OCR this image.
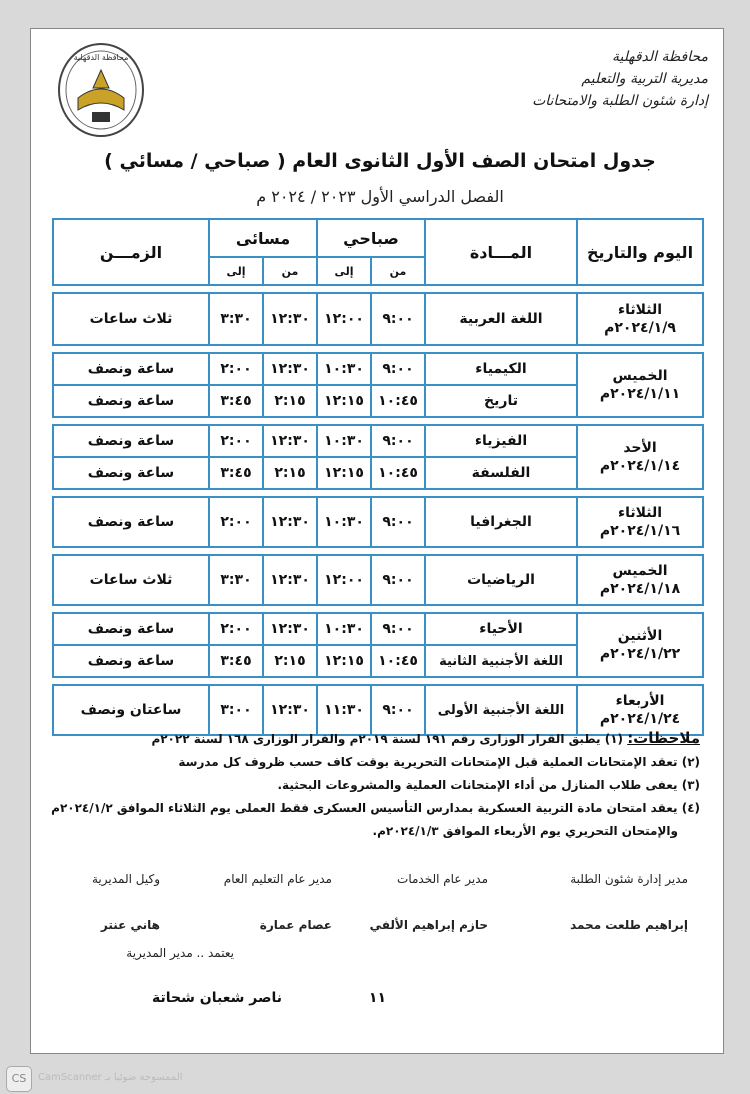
محافظة الدقهلية	محافظة الدقهلية
مديرية التربية والتعليم
إدارة شئون الطلبة والامتحانات
جدول امتحان الصف الأول الثانوى العام ( صباحي / مسائي )
الفصل الدراسي الأول ٢٠٢٣ / ٢٠٢٤ م
اليوم والتاريخ	المـــادة	صباحي		مسائى		الزمـــن
		من	إلى	من	إلى	

الثلاثاء
٢٠٢٤/١/٩م	اللغة العربية	٩:٠٠	١٢:٠٠	١٢:٣٠	٣:٣٠	ثلاث ساعات

الخميس
٢٠٢٤/١/١١م	الكيمياء	٩:٠٠	١٠:٣٠	١٢:٣٠	٢:٠٠	ساعة ونصف
	تاريخ	١٠:٤٥	١٢:١٥	٢:١٥	٣:٤٥	ساعة ونصف

الأحد
٢٠٢٤/١/١٤م	الفيزياء	٩:٠٠	١٠:٣٠	١٢:٣٠	٢:٠٠	ساعة ونصف
	الفلسفة	١٠:٤٥	١٢:١٥	٢:١٥	٣:٤٥	ساعة ونصف

الثلاثاء
٢٠٢٤/١/١٦م	الجغرافيا	٩:٠٠	١٠:٣٠	١٢:٣٠	٢:٠٠	ساعة ونصف

الخميس
٢٠٢٤/١/١٨م	الرياضيات	٩:٠٠	١٢:٠٠	١٢:٣٠	٣:٣٠	ثلاث ساعات

الأثنين
٢٠٢٤/١/٢٢م	الأحياء	٩:٠٠	١٠:٣٠	١٢:٣٠	٢:٠٠	ساعة ونصف
	اللغة الأجنبية الثانية	١٠:٤٥	١٢:١٥	٢:١٥	٣:٤٥	ساعة ونصف

الأربعاء
٢٠٢٤/١/٢٤م	اللغة الأجنبية الأولى	٩:٠٠	١١:٣٠	١٢:٣٠	٣:٠٠	ساعتان ونصف
ملاحظات: (١) يطبق القرار الوزارى رقم ١٩١ لسنة ٢٠١٩م والقرار الوزارى ١٦٨ لسنة ٢٠٢٢م
(٢) تعقد الإمتحانات العملية قبل الإمتحانات التحريرية بوقت كاف حسب ظروف كل مدرسة
(٣) يعفى طلاب المنازل من أداء الإمتحانات العملية والمشروعات البحثية.
(٤) يعقد امتحان مادة التربية العسكرية بمدارس التأسيس العسكرى فقط العملى يوم الثلاثاء الموافق ٢٠٢٤/١/٢م
والإمتحان التحريري يوم الأربعاء الموافق ٢٠٢٤/١/٣م.
مدير إدارة شئون الطلبة
مدير عام الخدمات
مدير عام التعليم العام
وكيل المديرية
إبراهيم طلعت محمد
حازم إبراهيم الألفي
عصام عمارة
هاني عنتر
يعتمد .. مدير المديرية
١١
ناصر شعبان شحاتة
CS	الممسوحة ضوئيا بـ CamScanner
